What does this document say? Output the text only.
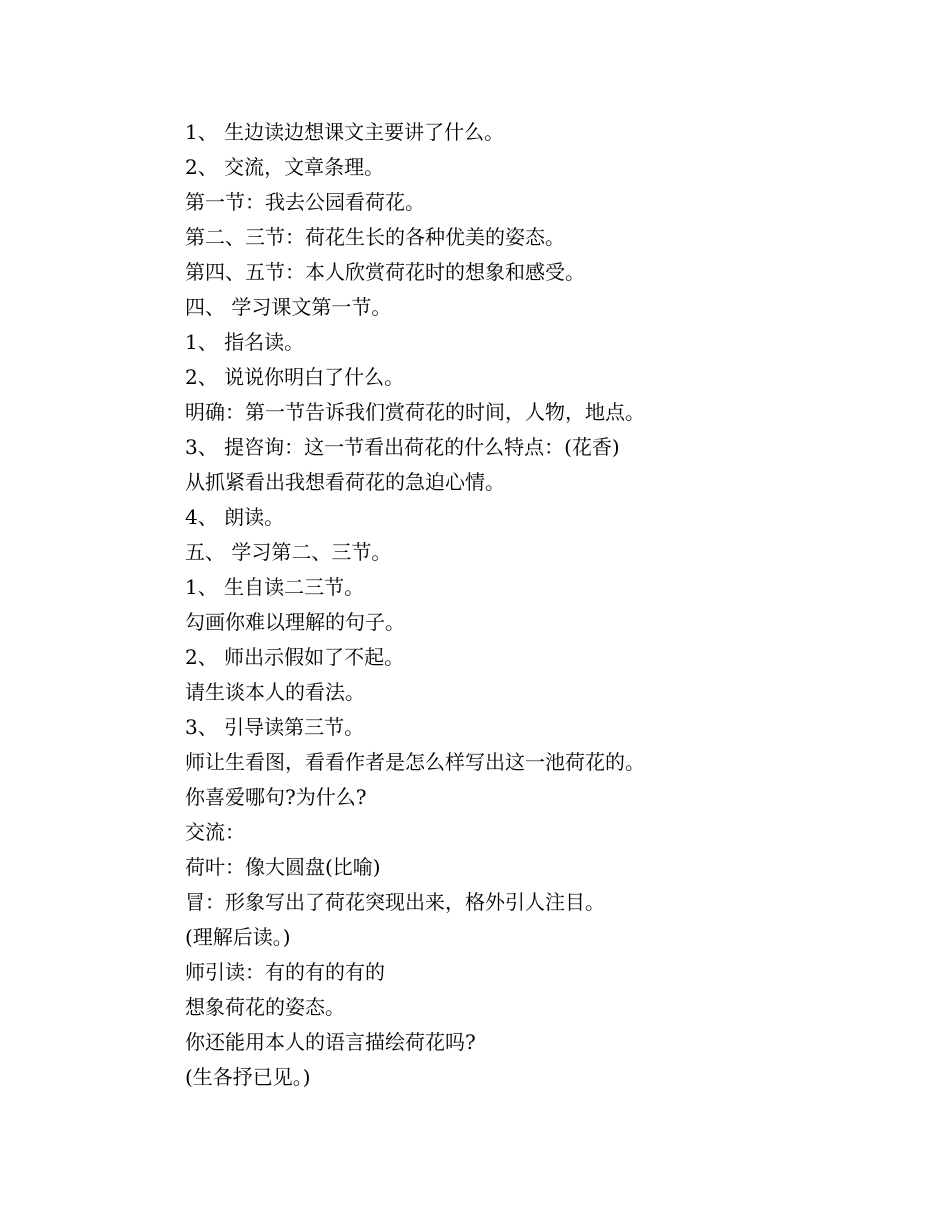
1、 生边读边想课文主要讲了什么。
2、 交流，文章条理。
第一节：我去公园看荷花。
第二、三节：荷花生长的各种优美的姿态。
第四、五节：本人欣赏荷花时的想象和感受。
四、 学习课文第一节。
1、 指名读。
2、 说说你明白了什么。
明确：第一节告诉我们赏荷花的时间，人物，地点。
3、 提咨询：这一节看出荷花的什么特点：(花香)
从抓紧看出我想看荷花的急迫心情。
4、 朗读。
五、 学习第二、三节。
1、 生自读二三节。
勾画你难以理解的句子。
2、 师出示假如了不起。
请生谈本人的看法。
3、 引导读第三节。
师让生看图，看看作者是怎么样写出这一池荷花的。
你喜爱哪句?为什么?
交流：
荷叶：像大圆盘(比喻)
冒：形象写出了荷花突现出来，格外引人注目。
(理解后读。)
师引读：有的有的有的
想象荷花的姿态。
你还能用本人的语言描绘荷花吗?
(生各抒已见。)
